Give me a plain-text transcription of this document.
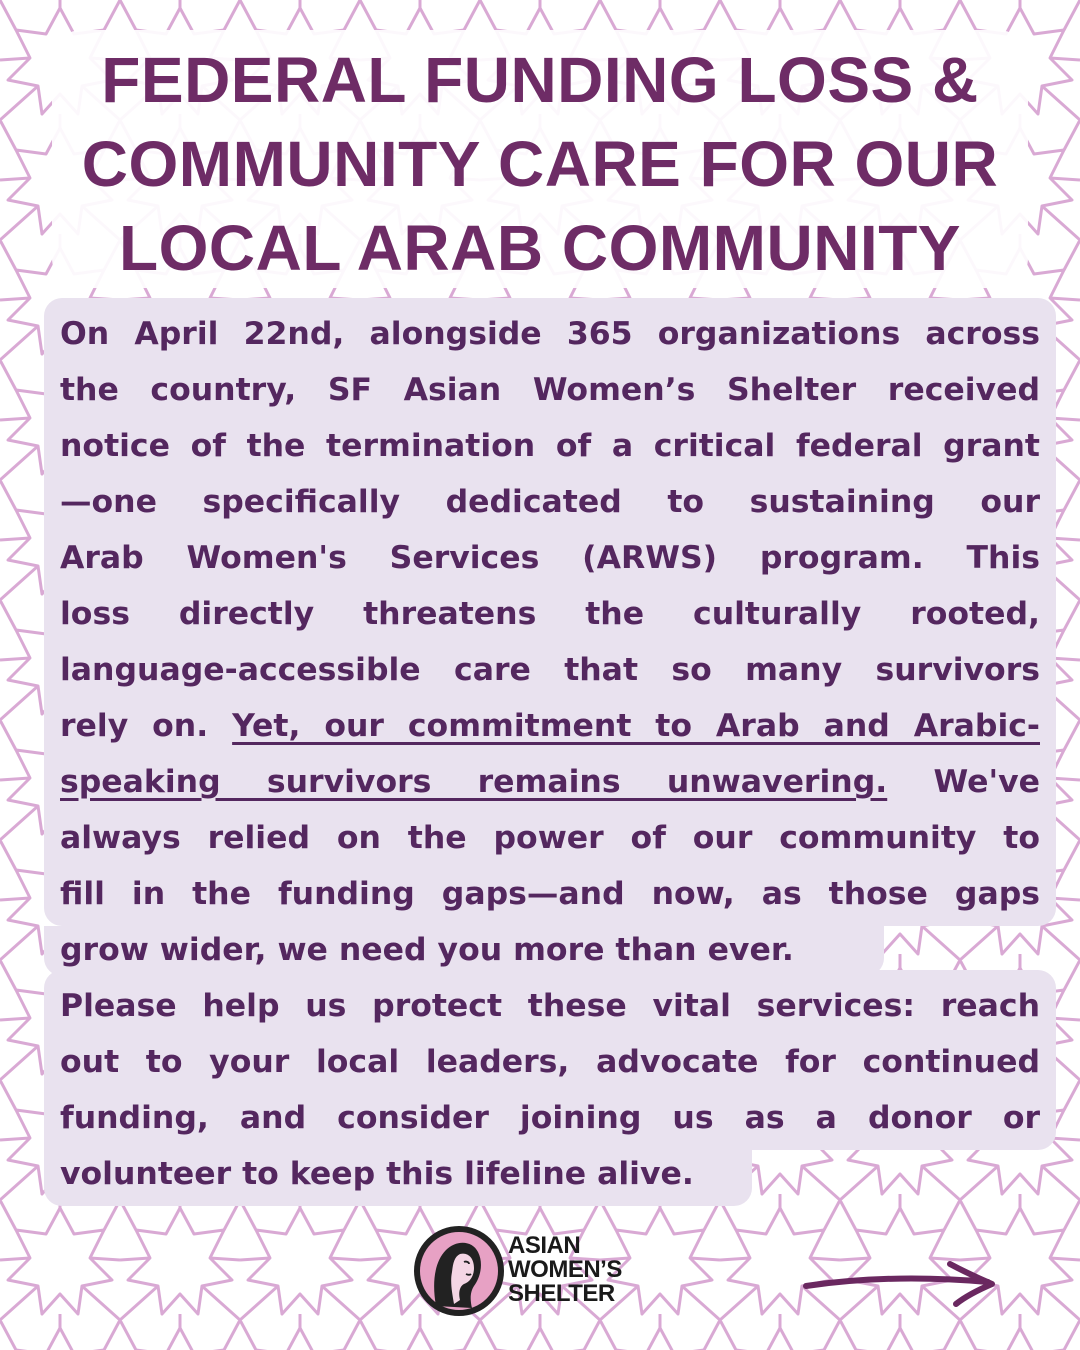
FEDERAL FUNDING LOSS &
COMMUNITY CARE FOR OUR
LOCAL ARAB COMMUNITY
On April 22nd, alongside 365 organizations across
the country, SF Asian Women’s Shelter received
notice of the termination of a critical federal grant
—one specifically dedicated to sustaining our
Arab Women's Services (ARWS) program. This
loss directly threatens the culturally rooted,
language-accessible care that so many survivors
rely on. Yet, our commitment to Arab and Arabic-
speaking survivors remains unwavering. We've
always relied on the power of our community to
fill in the funding gaps—and now, as those gaps
grow wider, we need you more than ever.
Please help us protect these vital services: reach
out to your local leaders, advocate for continued
funding, and consider joining us as a donor or
volunteer to keep this lifeline alive.
ASIAN
WOMEN’S
SHELTER
